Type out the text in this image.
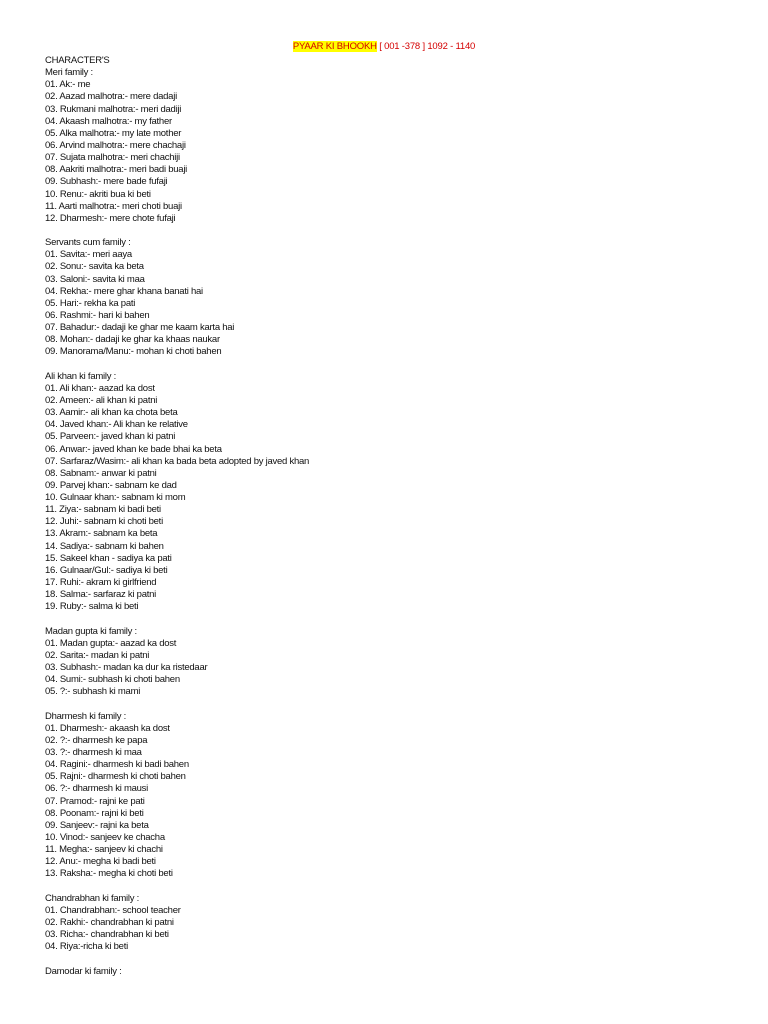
PYAAR KI BHOOKH [ 001 -378 ] 1092 - 1140
CHARACTER'S
Meri family :
01. Ak:- me
02. Aazad malhotra:- mere dadaji
03. Rukmani malhotra:- meri dadiji
04. Akaash malhotra:- my father
05. Alka malhotra:- my late mother
06. Arvind malhotra:- mere chachaji
07. Sujata malhotra:- meri chachiji
08. Aakriti malhotra:- meri badi buaji
09. Subhash:- mere bade fufaji
10. Renu:- akriti bua ki beti
11. Aarti malhotra:- meri choti buaji
12. Dharmesh:- mere chote fufaji
Servants cum family :
01. Savita:- meri aaya
02. Sonu:- savita ka beta
03. Saloni:- savita ki maa
04. Rekha:- mere ghar khana banati hai
05. Hari:- rekha ka pati
06. Rashmi:- hari ki bahen
07. Bahadur:- dadaji ke ghar me kaam karta hai
08. Mohan:- dadaji ke ghar ka khaas naukar
09. Manorama/Manu:- mohan ki choti bahen
Ali khan ki family :
01. Ali khan:- aazad ka dost
02. Ameen:- ali khan ki patni
03. Aamir:- ali khan ka chota beta
04. Javed khan:- Ali khan ke relative
05. Parveen:- javed khan ki patni
06. Anwar:- javed khan ke bade bhai ka beta
07. Sarfaraz/Wasim:- ali khan ka bada beta adopted by javed khan
08. Sabnam:- anwar ki patni
09. Parvej khan:- sabnam ke dad
10. Gulnaar khan:- sabnam ki mom
11. Ziya:- sabnam ki badi beti
12. Juhi:- sabnam ki choti beti
13. Akram:- sabnam ka beta
14. Sadiya:- sabnam ki bahen
15. Sakeel khan - sadiya ka pati
16. Gulnaar/Gul:- sadiya ki beti
17. Ruhi:- akram ki girlfriend
18. Salma:- sarfaraz ki patni
19. Ruby:- salma ki beti
Madan gupta ki family :
01. Madan gupta:- aazad ka dost
02. Sarita:- madan ki patni
03. Subhash:- madan ka dur ka ristedaar
04. Sumi:- subhash ki choti bahen
05. ?:- subhash ki mami
Dharmesh ki family :
01. Dharmesh:- akaash ka dost
02. ?:- dharmesh ke papa
03. ?:- dharmesh ki maa
04. Ragini:- dharmesh ki badi bahen
05. Rajni:- dharmesh ki choti bahen
06. ?:- dharmesh ki mausi
07. Pramod:- rajni ke pati
08. Poonam:- rajni ki beti
09. Sanjeev:- rajni ka beta
10. Vinod:- sanjeev ke chacha
11. Megha:- sanjeev ki chachi
12. Anu:- megha ki badi beti
13. Raksha:- megha ki choti beti
Chandrabhan ki family :
01. Chandrabhan:- school teacher
02. Rakhi:- chandrabhan ki patni
03. Richa:- chandrabhan ki beti
04. Riya:-richa ki beti
Damodar ki family :
